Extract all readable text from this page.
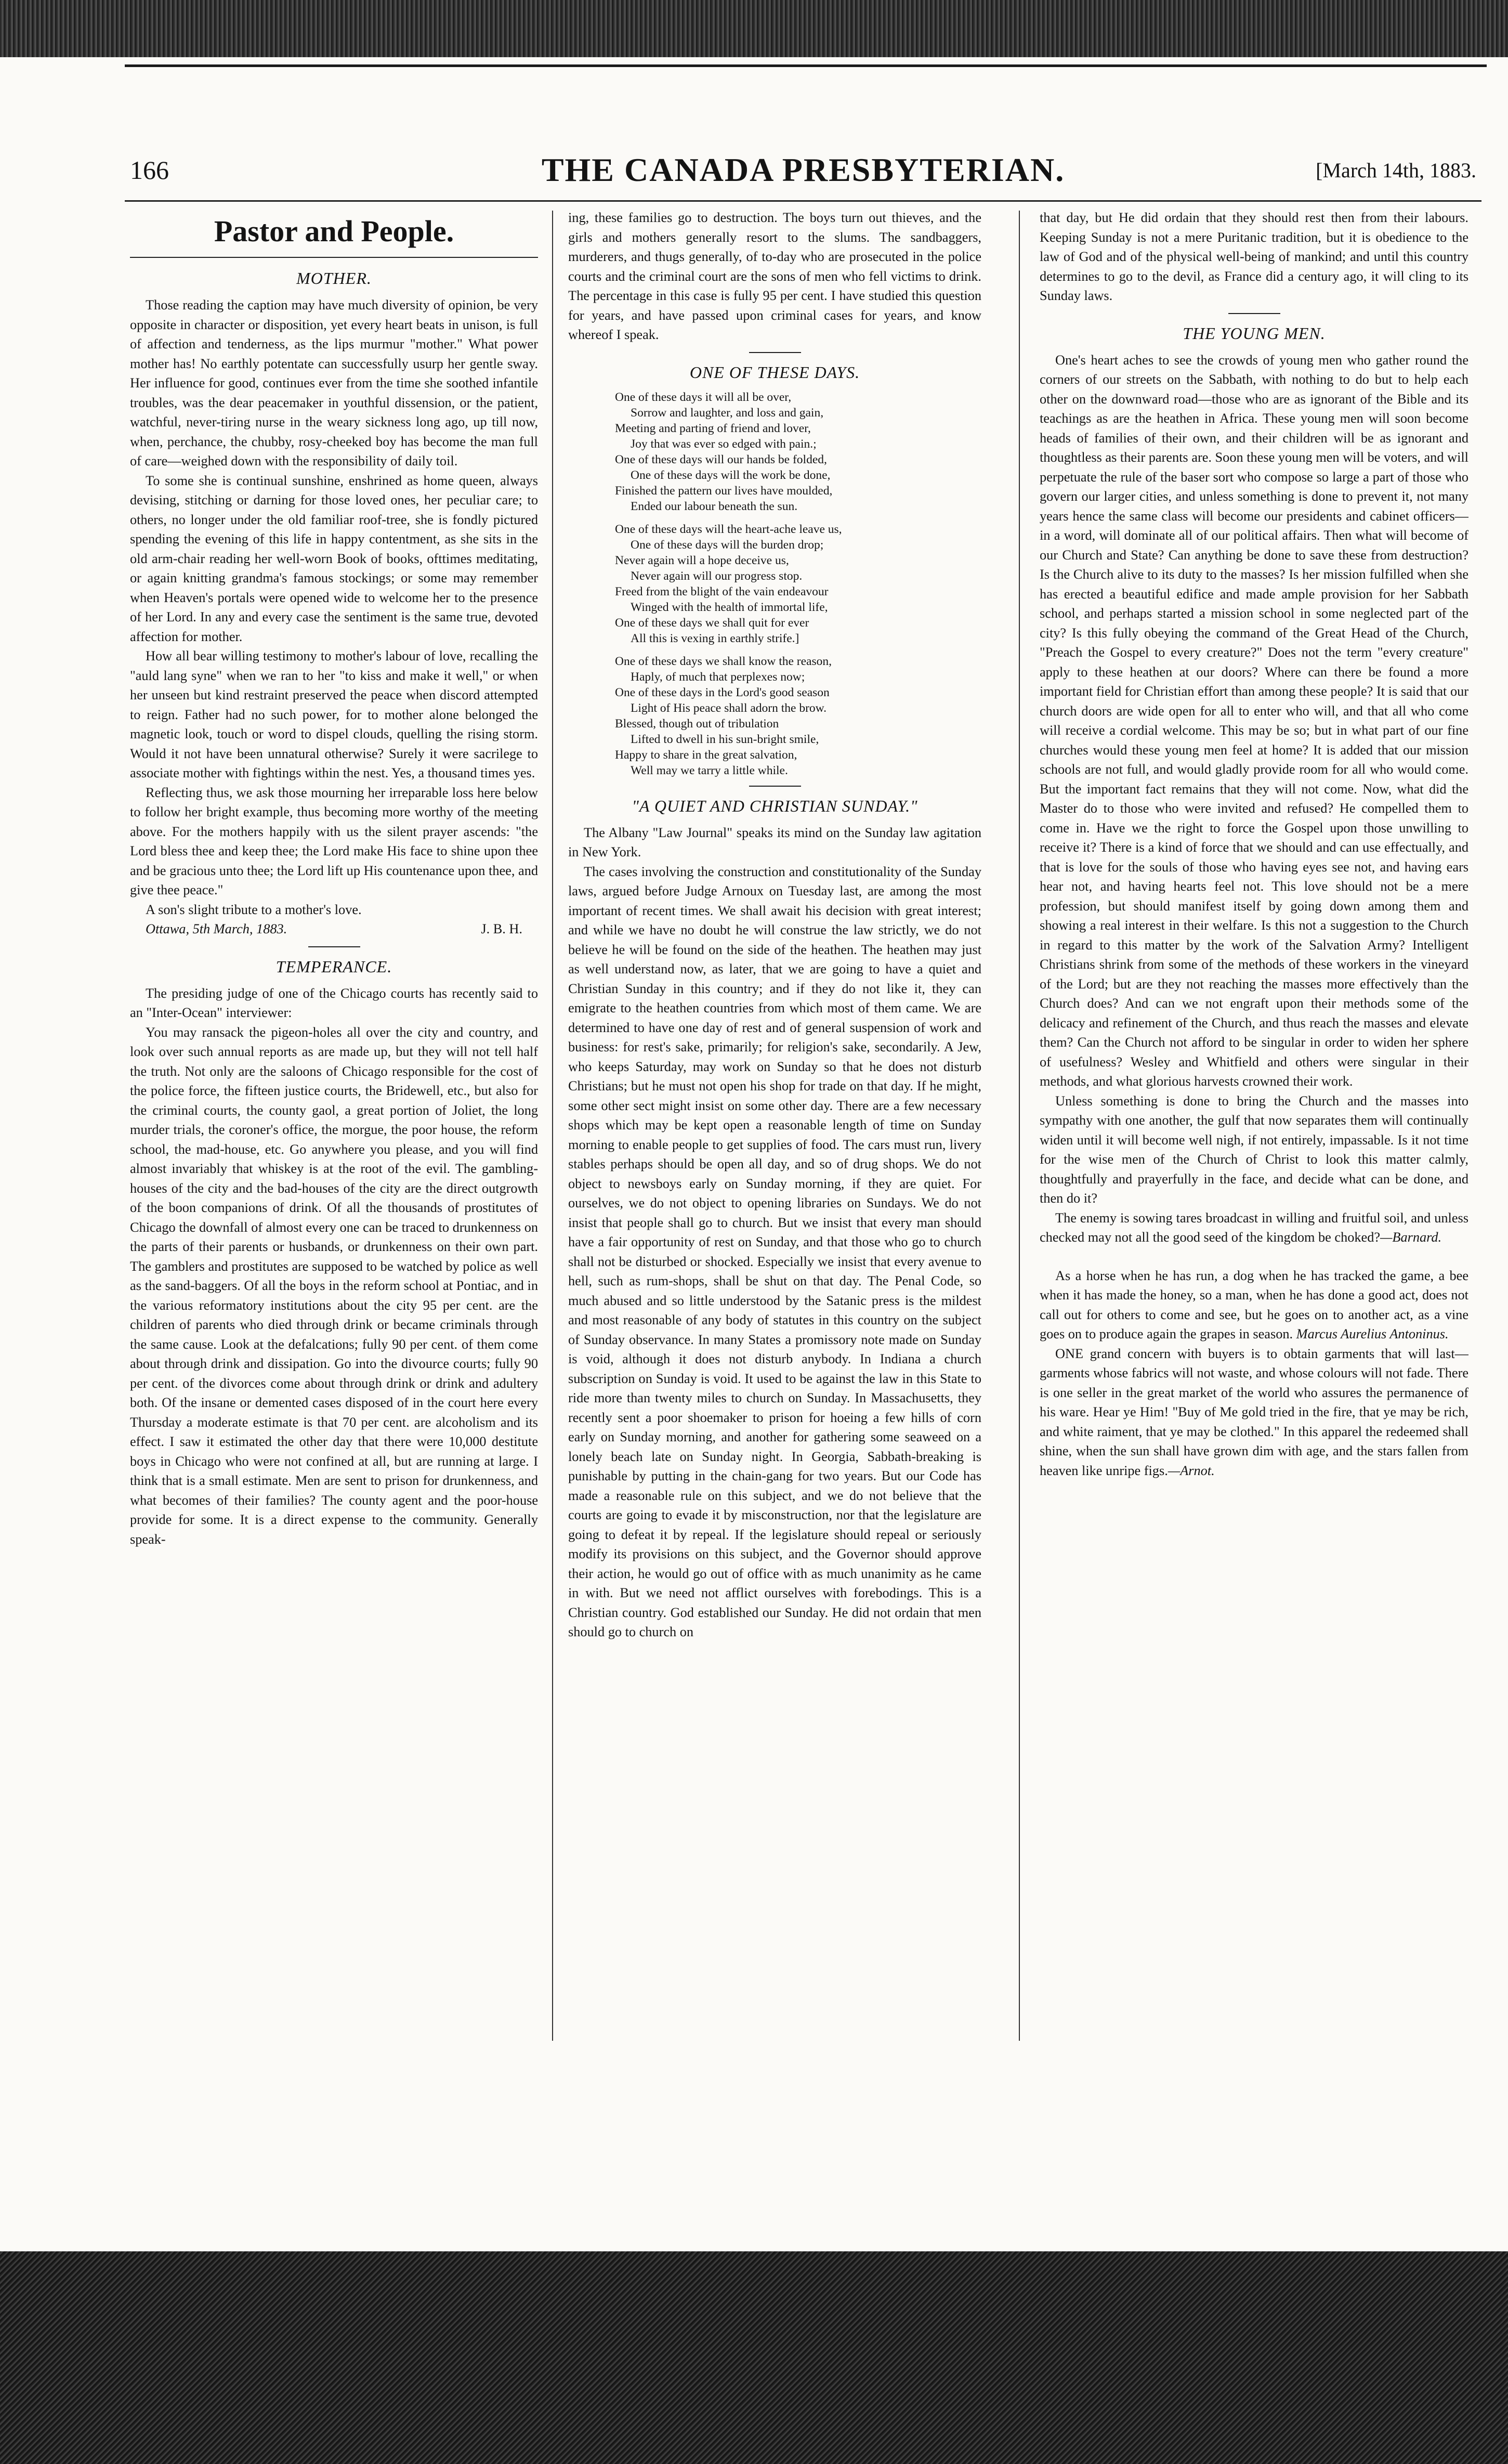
166	THE CANADA PRESBYTERIAN.	[March 14th, 1883.
Pastor and People.
MOTHER.

Those reading the caption may have much diversity of opinion, be very opposite in character or disposition, yet every heart beats in unison, is full of affection and tenderness, as the lips murmur "mother." What power mother has! No earthly potentate can successfully usurp her gentle sway. Her influence for good, continues ever from the time she soothed infantile troubles, was the dear peacemaker in youthful dissension, or the patient, watchful, never-tiring nurse in the weary sickness long ago, up till now, when, perchance, the chubby, rosy-cheeked boy has become the man full of care—weighed down with the responsibility of daily toil.

To some she is continual sunshine, enshrined as home queen, always devising, stitching or darning for those loved ones, her peculiar care; to others, no longer under the old familiar roof-tree, she is fondly pictured spending the evening of this life in happy contentment, as she sits in the old arm-chair reading her well-worn Book of books, ofttimes meditating, or again knitting grandma's famous stockings; or some may remember when Heaven's portals were opened wide to welcome her to the presence of her Lord. In any and every case the sentiment is the same true, devoted affection for mother.

How all bear willing testimony to mother's labour of love, recalling the "auld lang syne" when we ran to her "to kiss and make it well," or when her unseen but kind restraint preserved the peace when discord attempted to reign. Father had no such power, for to mother alone belonged the magnetic look, touch or word to dispel clouds, quelling the rising storm. Would it not have been unnatural otherwise? Surely it were sacrilege to associate mother with fightings within the nest. Yes, a thousand times yes.

Reflecting thus, we ask those mourning her irreparable loss here below to follow her bright example, thus becoming more worthy of the meeting above. For the mothers happily with us the silent prayer ascends: "the Lord bless thee and keep thee; the Lord make His face to shine upon thee and be gracious unto thee; the Lord lift up His countenance upon thee, and give thee peace."

A son's slight tribute to a mother's love.

Ottawa, 5th March, 1883.	J. B. H.
TEMPERANCE.

The presiding judge of one of the Chicago courts has recently said to an "Inter-Ocean" interviewer:

You may ransack the pigeon-holes all over the city and country, and look over such annual reports as are made up, but they will not tell half the truth. Not only are the saloons of Chicago responsible for the cost of the police force, the fifteen justice courts, the Bridewell, etc., but also for the criminal courts, the county gaol, a great portion of Joliet, the long murder trials, the coroner's office, the morgue, the poor house, the reform school, the mad-house, etc. Go anywhere you please, and you will find almost invariably that whiskey is at the root of the evil. The gambling-houses of the city and the bad-houses of the city are the direct outgrowth of the boon companions of drink. Of all the thousands of prostitutes of Chicago the downfall of almost every one can be traced to drunkenness on the parts of their parents or husbands, or drunkenness on their own part. The gamblers and prostitutes are supposed to be watched by police as well as the sand-baggers. Of all the boys in the reform school at Pontiac, and in the various reformatory institutions about the city 95 per cent. are the children of parents who died through drink or became criminals through the same cause. Look at the defalcations; fully 90 per cent. of them come about through drink and dissipation. Go into the divource courts; fully 90 per cent. of the divorces come about through drink or drink and adultery both. Of the insane or demented cases disposed of in the court here every Thursday a moderate estimate is that 70 per cent. are alcoholism and its effect. I saw it estimated the other day that there were 10,000 destitute boys in Chicago who were not confined at all, but are running at large. I think that is a small estimate. Men are sent to prison for drunkenness, and what becomes of their families? The county agent and the poor-house provide for some. It is a direct expense to the community. Generally speak-

ing, these families go to destruction. The boys turn out thieves, and the girls and mothers generally resort to the slums. The sandbaggers, murderers, and thugs generally, of to-day who are prosecuted in the police courts and the criminal court are the sons of men who fell victims to drink. The percentage in this case is fully 95 per cent. I have studied this question for years, and have passed upon criminal cases for years, and know whereof I speak.

ONE OF THESE DAYS.
One of these days it will all be over,
Sorrow and laughter, and loss and gain,
Meeting and parting of friend and lover,
Joy that was ever so edged with pain.;
One of these days will our hands be folded,
One of these days will the work be done,
Finished the pattern our lives have moulded,
Ended our labour beneath the sun.
One of these days will the heart-ache leave us,
One of these days will the burden drop;
Never again will a hope deceive us,
Never again will our progress stop.
Freed from the blight of the vain endeavour
Winged with the health of immortal life,
One of these days we shall quit for ever
All this is vexing in earthly strife.]
One of these days we shall know the reason,
Haply, of much that perplexes now;
One of these days in the Lord's good season
Light of His peace shall adorn the brow.
Blessed, though out of tribulation
Lifted to dwell in his sun-bright smile,
Happy to share in the great salvation,
Well may we tarry a little while.
"A QUIET AND CHRISTIAN SUNDAY."

The Albany "Law Journal" speaks its mind on the Sunday law agitation in New York.

The cases involving the construction and constitutionality of the Sunday laws, argued before Judge Arnoux on Tuesday last, are among the most important of recent times. We shall await his decision with great interest; and while we have no doubt he will construe the law strictly, we do not believe he will be found on the side of the heathen. The heathen may just as well understand now, as later, that we are going to have a quiet and Christian Sunday in this country; and if they do not like it, they can emigrate to the heathen countries from which most of them came. We are determined to have one day of rest and of general suspension of work and business: for rest's sake, primarily; for religion's sake, secondarily. A Jew, who keeps Saturday, may work on Sunday so that he does not disturb Christians; but he must not open his shop for trade on that day. If he might, some other sect might insist on some other day. There are a few necessary shops which may be kept open a reasonable length of time on Sunday morning to enable people to get supplies of food. The cars must run, livery stables perhaps should be open all day, and so of drug shops. We do not object to newsboys early on Sunday morning, if they are quiet. For ourselves, we do not object to opening libraries on Sundays. We do not insist that people shall go to church. But we insist that every man should have a fair opportunity of rest on Sunday, and that those who go to church shall not be disturbed or shocked. Especially we insist that every avenue to hell, such as rum-shops, shall be shut on that day. The Penal Code, so much abused and so little understood by the Satanic press is the mildest and most reasonable of any body of statutes in this country on the subject of Sunday observance. In many States a promissory note made on Sunday is void, although it does not disturb anybody. In Indiana a church subscription on Sunday is void. It used to be against the law in this State to ride more than twenty miles to church on Sunday. In Massachusetts, they recently sent a poor shoemaker to prison for hoeing a few hills of corn early on Sunday morning, and another for gathering some seaweed on a lonely beach late on Sunday night. In Georgia, Sabbath-breaking is punishable by putting in the chain-gang for two years. But our Code has made a reasonable rule on this subject, and we do not believe that the courts are going to evade it by misconstruction, nor that the legislature are going to defeat it by repeal. If the legislature should repeal or seriously modify its provisions on this subject, and the Governor should approve their action, he would go out of office with as much unanimity as he came in with. But we need not afflict ourselves with forebodings. This is a Christian country. God established our Sunday. He did not ordain that men should go to church on

that day, but He did ordain that they should rest then from their labours. Keeping Sunday is not a mere Puritanic tradition, but it is obedience to the law of God and of the physical well-being of mankind; and until this country determines to go to the devil, as France did a century ago, it will cling to its Sunday laws.

THE YOUNG MEN.

One's heart aches to see the crowds of young men who gather round the corners of our streets on the Sabbath, with nothing to do but to help each other on the downward road—those who are as ignorant of the Bible and its teachings as are the heathen in Africa. These young men will soon become heads of families of their own, and their children will be as ignorant and thoughtless as their parents are. Soon these young men will be voters, and will perpetuate the rule of the baser sort who compose so large a part of those who govern our larger cities, and unless something is done to prevent it, not many years hence the same class will become our presidents and cabinet officers—in a word, will dominate all of our political affairs. Then what will become of our Church and State? Can anything be done to save these from destruction? Is the Church alive to its duty to the masses? Is her mission fulfilled when she has erected a beautiful edifice and made ample provision for her Sabbath school, and perhaps started a mission school in some neglected part of the city? Is this fully obeying the command of the Great Head of the Church, "Preach the Gospel to every creature?" Does not the term "every creature" apply to these heathen at our doors? Where can there be found a more important field for Christian effort than among these people? It is said that our church doors are wide open for all to enter who will, and that all who come will receive a cordial welcome. This may be so; but in what part of our fine churches would these young men feel at home? It is added that our mission schools are not full, and would gladly provide room for all who would come. But the important fact remains that they will not come. Now, what did the Master do to those who were invited and refused? He compelled them to come in. Have we the right to force the Gospel upon those unwilling to receive it? There is a kind of force that we should and can use effectually, and that is love for the souls of those who having eyes see not, and having ears hear not, and having hearts feel not. This love should not be a mere profession, but should manifest itself by going down among them and showing a real interest in their welfare. Is this not a suggestion to the Church in regard to this matter by the work of the Salvation Army? Intelligent Christians shrink from some of the methods of these workers in the vineyard of the Lord; but are they not reaching the masses more effectively than the Church does? And can we not engraft upon their methods some of the delicacy and refinement of the Church, and thus reach the masses and elevate them? Can the Church not afford to be singular in order to widen her sphere of usefulness? Wesley and Whitfield and others were singular in their methods, and what glorious harvests crowned their work.

Unless something is done to bring the Church and the masses into sympathy with one another, the gulf that now separates them will continually widen until it will become well nigh, if not entirely, impassable. Is it not time for the wise men of the Church of Christ to look this matter calmly, thoughtfully and prayerfully in the face, and decide what can be done, and then do it?

The enemy is sowing tares broadcast in willing and fruitful soil, and unless checked may not all the good seed of the kingdom be choked?—Barnard.

As a horse when he has run, a dog when he has tracked the game, a bee when it has made the honey, so a man, when he has done a good act, does not call out for others to come and see, but he goes on to another act, as a vine goes on to produce again the grapes in season. Marcus Aurelius Antoninus.

ONE grand concern with buyers is to obtain garments that will last—garments whose fabrics will not waste, and whose colours will not fade. There is one seller in the great market of the world who assures the permanence of his ware. Hear ye Him! "Buy of Me gold tried in the fire, that ye may be rich, and white raiment, that ye may be clothed." In this apparel the redeemed shall shine, when the sun shall have grown dim with age, and the stars fallen from heaven like unripe figs.—Arnot.
